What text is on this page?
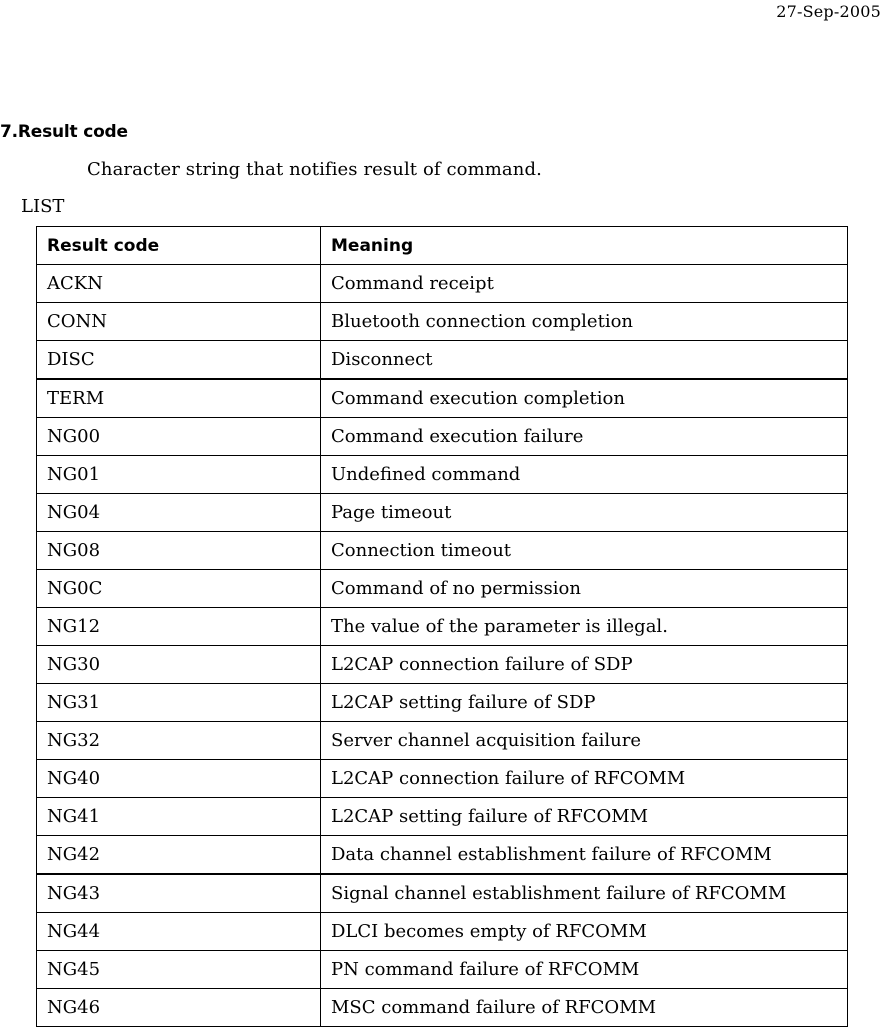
27-Sep-2005
7.Result code
Character string that notifies result of command.
LIST
Result code	Meaning
ACKN	Command receipt
CONN	Bluetooth connection completion
DISC	Disconnect
TERM	Command execution completion
NG00	Command execution failure
NG01	Undefined command
NG04	Page timeout
NG08	Connection timeout
NG0C	Command of no permission
NG12	The value of the parameter is illegal.
NG30	L2CAP connection failure of SDP
NG31	L2CAP setting failure of SDP
NG32	Server channel acquisition failure
NG40	L2CAP connection failure of RFCOMM
NG41	L2CAP setting failure of RFCOMM
NG42	Data channel establishment failure of RFCOMM
NG43	Signal channel establishment failure of RFCOMM
NG44	DLCI becomes empty of RFCOMM
NG45	PN command failure of RFCOMM
NG46	MSC command failure of RFCOMM
